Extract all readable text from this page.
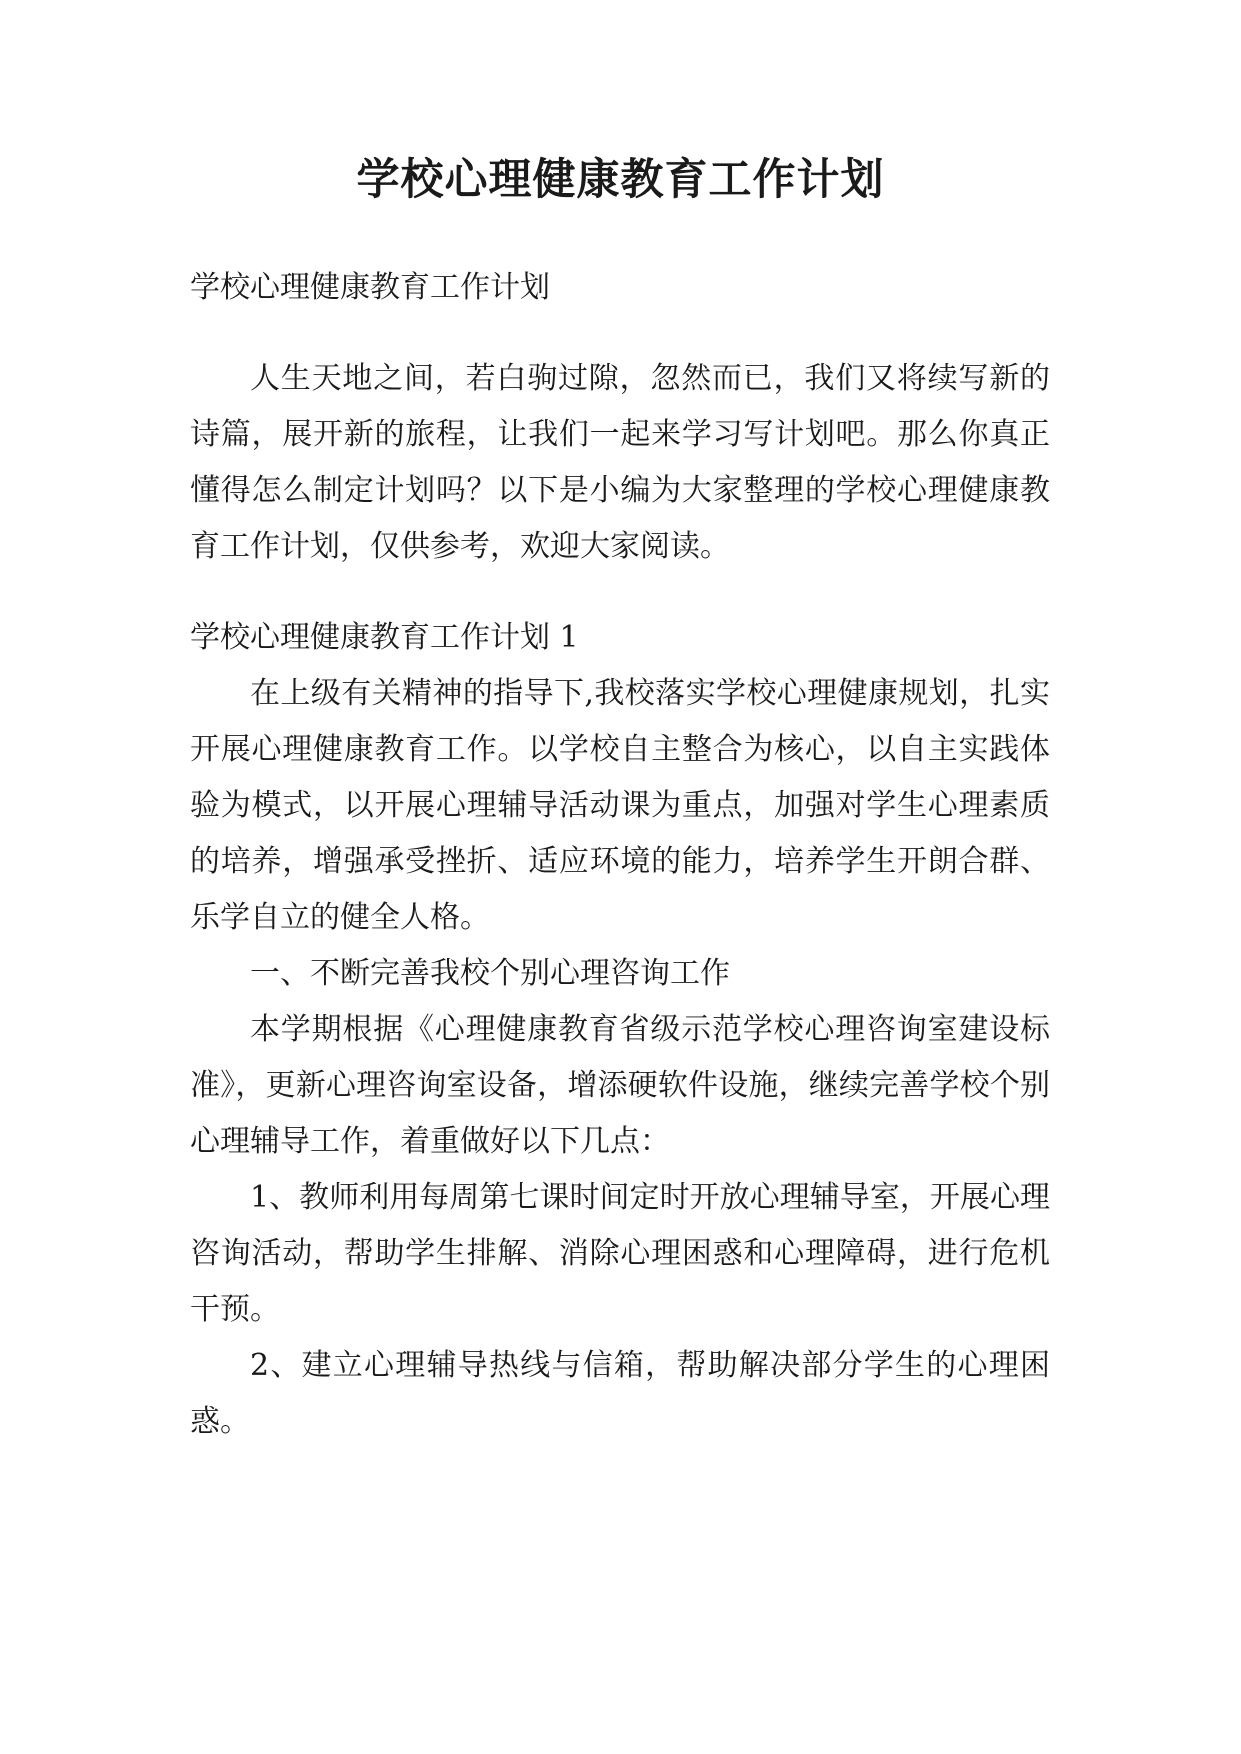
学校心理健康教育工作计划

学校心理健康教育工作计划

人生天地之间，若白驹过隙，忽然而已，我们又将续写新的诗篇，展开新的旅程，让我们一起来学习写计划吧。那么你真正懂得怎么制定计划吗？以下是小编为大家整理的学校心理健康教育工作计划，仅供参考，欢迎大家阅读。

学校心理健康教育工作计划 1

在上级有关精神的指导下,我校落实学校心理健康规划，扎实开展心理健康教育工作。以学校自主整合为核心，以自主实践体验为模式，以开展心理辅导活动课为重点，加强对学生心理素质的培养，增强承受挫折、适应环境的能力，培养学生开朗合群、乐学自立的健全人格。

一、不断完善我校个别心理咨询工作

本学期根据《心理健康教育省级示范学校心理咨询室建设标准》，更新心理咨询室设备，增添硬软件设施，继续完善学校个别心理辅导工作，着重做好以下几点：

1、教师利用每周第七课时间定时开放心理辅导室，开展心理咨询活动，帮助学生排解、消除心理困惑和心理障碍，进行危机干预。

2、建立心理辅导热线与信箱，帮助解决部分学生的心理困惑。
